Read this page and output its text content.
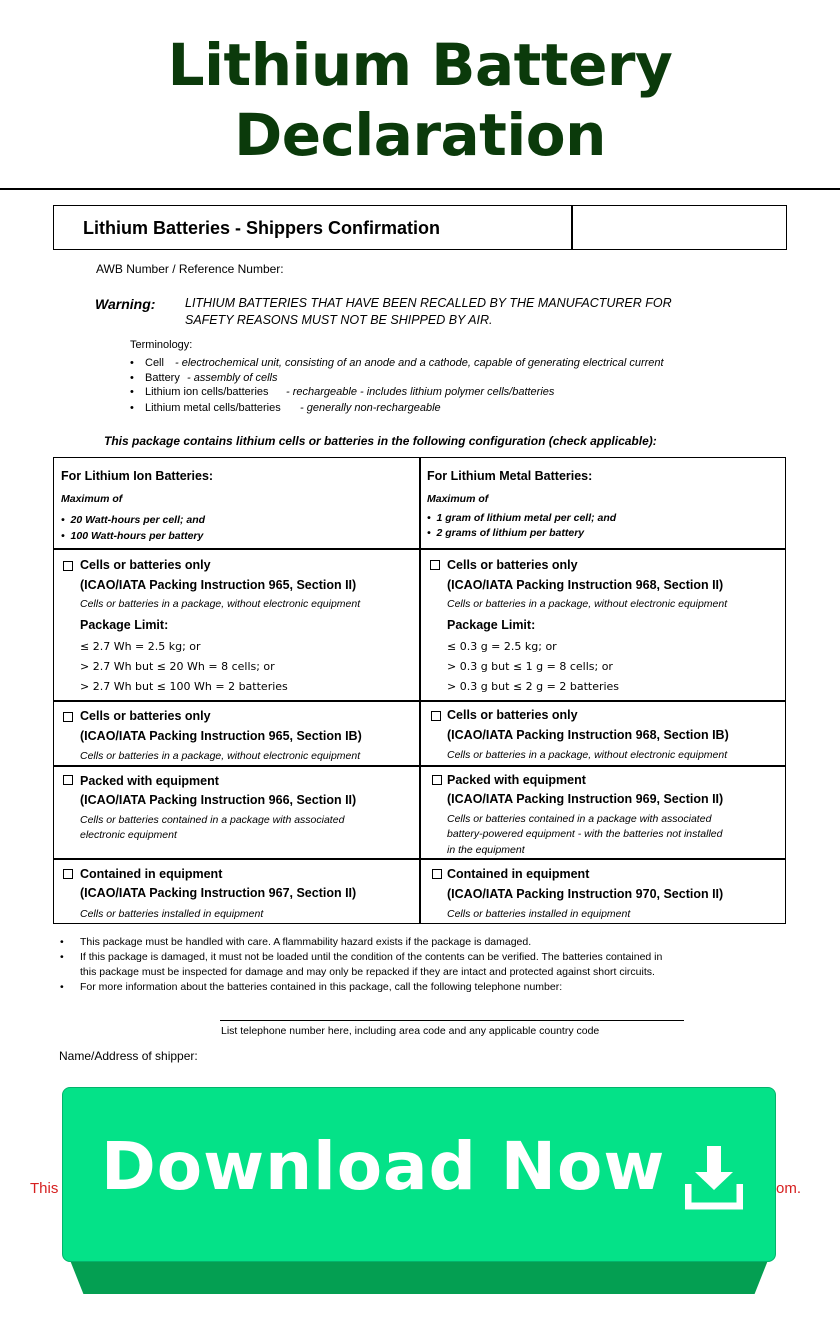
Lithium Battery Declaration
Lithium Batteries - Shippers Confirmation
AWB Number / Reference Number:
Warning: LITHIUM BATTERIES THAT HAVE BEEN RECALLED BY THE MANUFACTURER FOR SAFETY REASONS MUST NOT BE SHIPPED BY AIR.
Terminology:
• Cell - electrochemical unit, consisting of an anode and a cathode, capable of generating electrical current
• Battery - assembly of cells
• Lithium ion cells/batteries - rechargeable - includes lithium polymer cells/batteries
• Lithium metal cells/batteries - generally non-rechargeable
This package contains lithium cells or batteries in the following configuration (check applicable):
For Lithium Ion Batteries:
Maximum of
•  20 Watt-hours per cell; and
•  100 Watt-hours per battery
For Lithium Metal Batteries:
Maximum of
•  1 gram of lithium metal per cell; and
•  2 grams of lithium per battery
Cells or batteries only
(ICAO/IATA Packing Instruction 965, Section II)
Cells or batteries in a package, without electronic equipment
Package Limit:
≤ 2.7 Wh = 2.5 kg; or
> 2.7 Wh but ≤ 20 Wh = 8 cells; or
> 2.7 Wh but ≤ 100 Wh = 2 batteries
Cells or batteries only
(ICAO/IATA Packing Instruction 968, Section II)
Cells or batteries in a package, without electronic equipment
Package Limit:
≤ 0.3 g = 2.5 kg; or
> 0.3 g but ≤ 1 g = 8 cells; or
> 0.3 g but ≤ 2 g = 2 batteries
Cells or batteries only
(ICAO/IATA Packing Instruction 965, Section IB)
Cells or batteries in a package, without electronic equipment
Cells or batteries only
(ICAO/IATA Packing Instruction 968, Section IB)
Cells or batteries in a package, without electronic equipment
Packed with equipment
(ICAO/IATA Packing Instruction 966, Section II)
Cells or batteries contained in a package with associated
electronic equipment
Packed with equipment
(ICAO/IATA Packing Instruction 969, Section II)
Cells or batteries contained in a package with associated
battery-powered equipment - with the batteries not installed
in the equipment
Contained in equipment
(ICAO/IATA Packing Instruction 967, Section II)
Cells or batteries installed in equipment
Contained in equipment
(ICAO/IATA Packing Instruction 970, Section II)
Cells or batteries installed in equipment
• This package must be handled with care. A flammability hazard exists if the package is damaged.
• If this package is damaged, it must not be loaded until the condition of the contents can be verified. The batteries contained in
this package must be inspected for damage and may only be repacked if they are intact and protected against short circuits.
• For more information about the batteries contained in this package, call the following telephone number:
List telephone number here, including area code and any applicable country code
Name/Address of shipper:
This	om.
Download Now
